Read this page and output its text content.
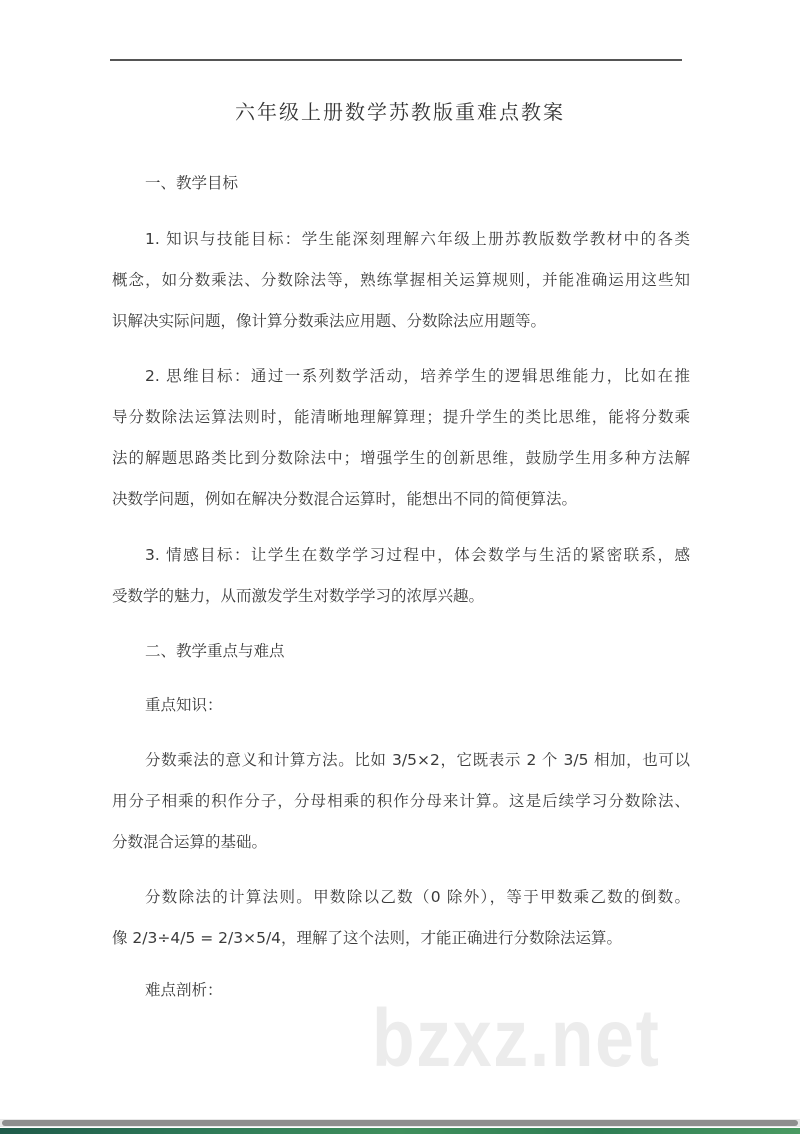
六年级上册数学苏教版重难点教案
一、教学目标
1. 知识与技能目标：学生能深刻理解六年级上册苏教版数学教材中的各类
概念，如分数乘法、分数除法等，熟练掌握相关运算规则，并能准确运用这些知
识解决实际问题，像计算分数乘法应用题、分数除法应用题等。
2. 思维目标：通过一系列数学活动，培养学生的逻辑思维能力，比如在推
导分数除法运算法则时，能清晰地理解算理；提升学生的类比思维，能将分数乘
法的解题思路类比到分数除法中；增强学生的创新思维，鼓励学生用多种方法解
决数学问题，例如在解决分数混合运算时，能想出不同的简便算法。
3. 情感目标：让学生在数学学习过程中，体会数学与生活的紧密联系，感
受数学的魅力，从而激发学生对数学学习的浓厚兴趣。
二、教学重点与难点
重点知识：
分数乘法的意义和计算方法。比如 3/5×2，它既表示 2 个 3/5 相加，也可以
用分子相乘的积作分子，分母相乘的积作分母来计算。这是后续学习分数除法、
分数混合运算的基础。
分数除法的计算法则。甲数除以乙数（0 除外），等于甲数乘乙数的倒数。
像 2/3÷4/5 = 2/3×5/4，理解了这个法则，才能正确进行分数除法运算。
难点剖析：
bzxz.net
